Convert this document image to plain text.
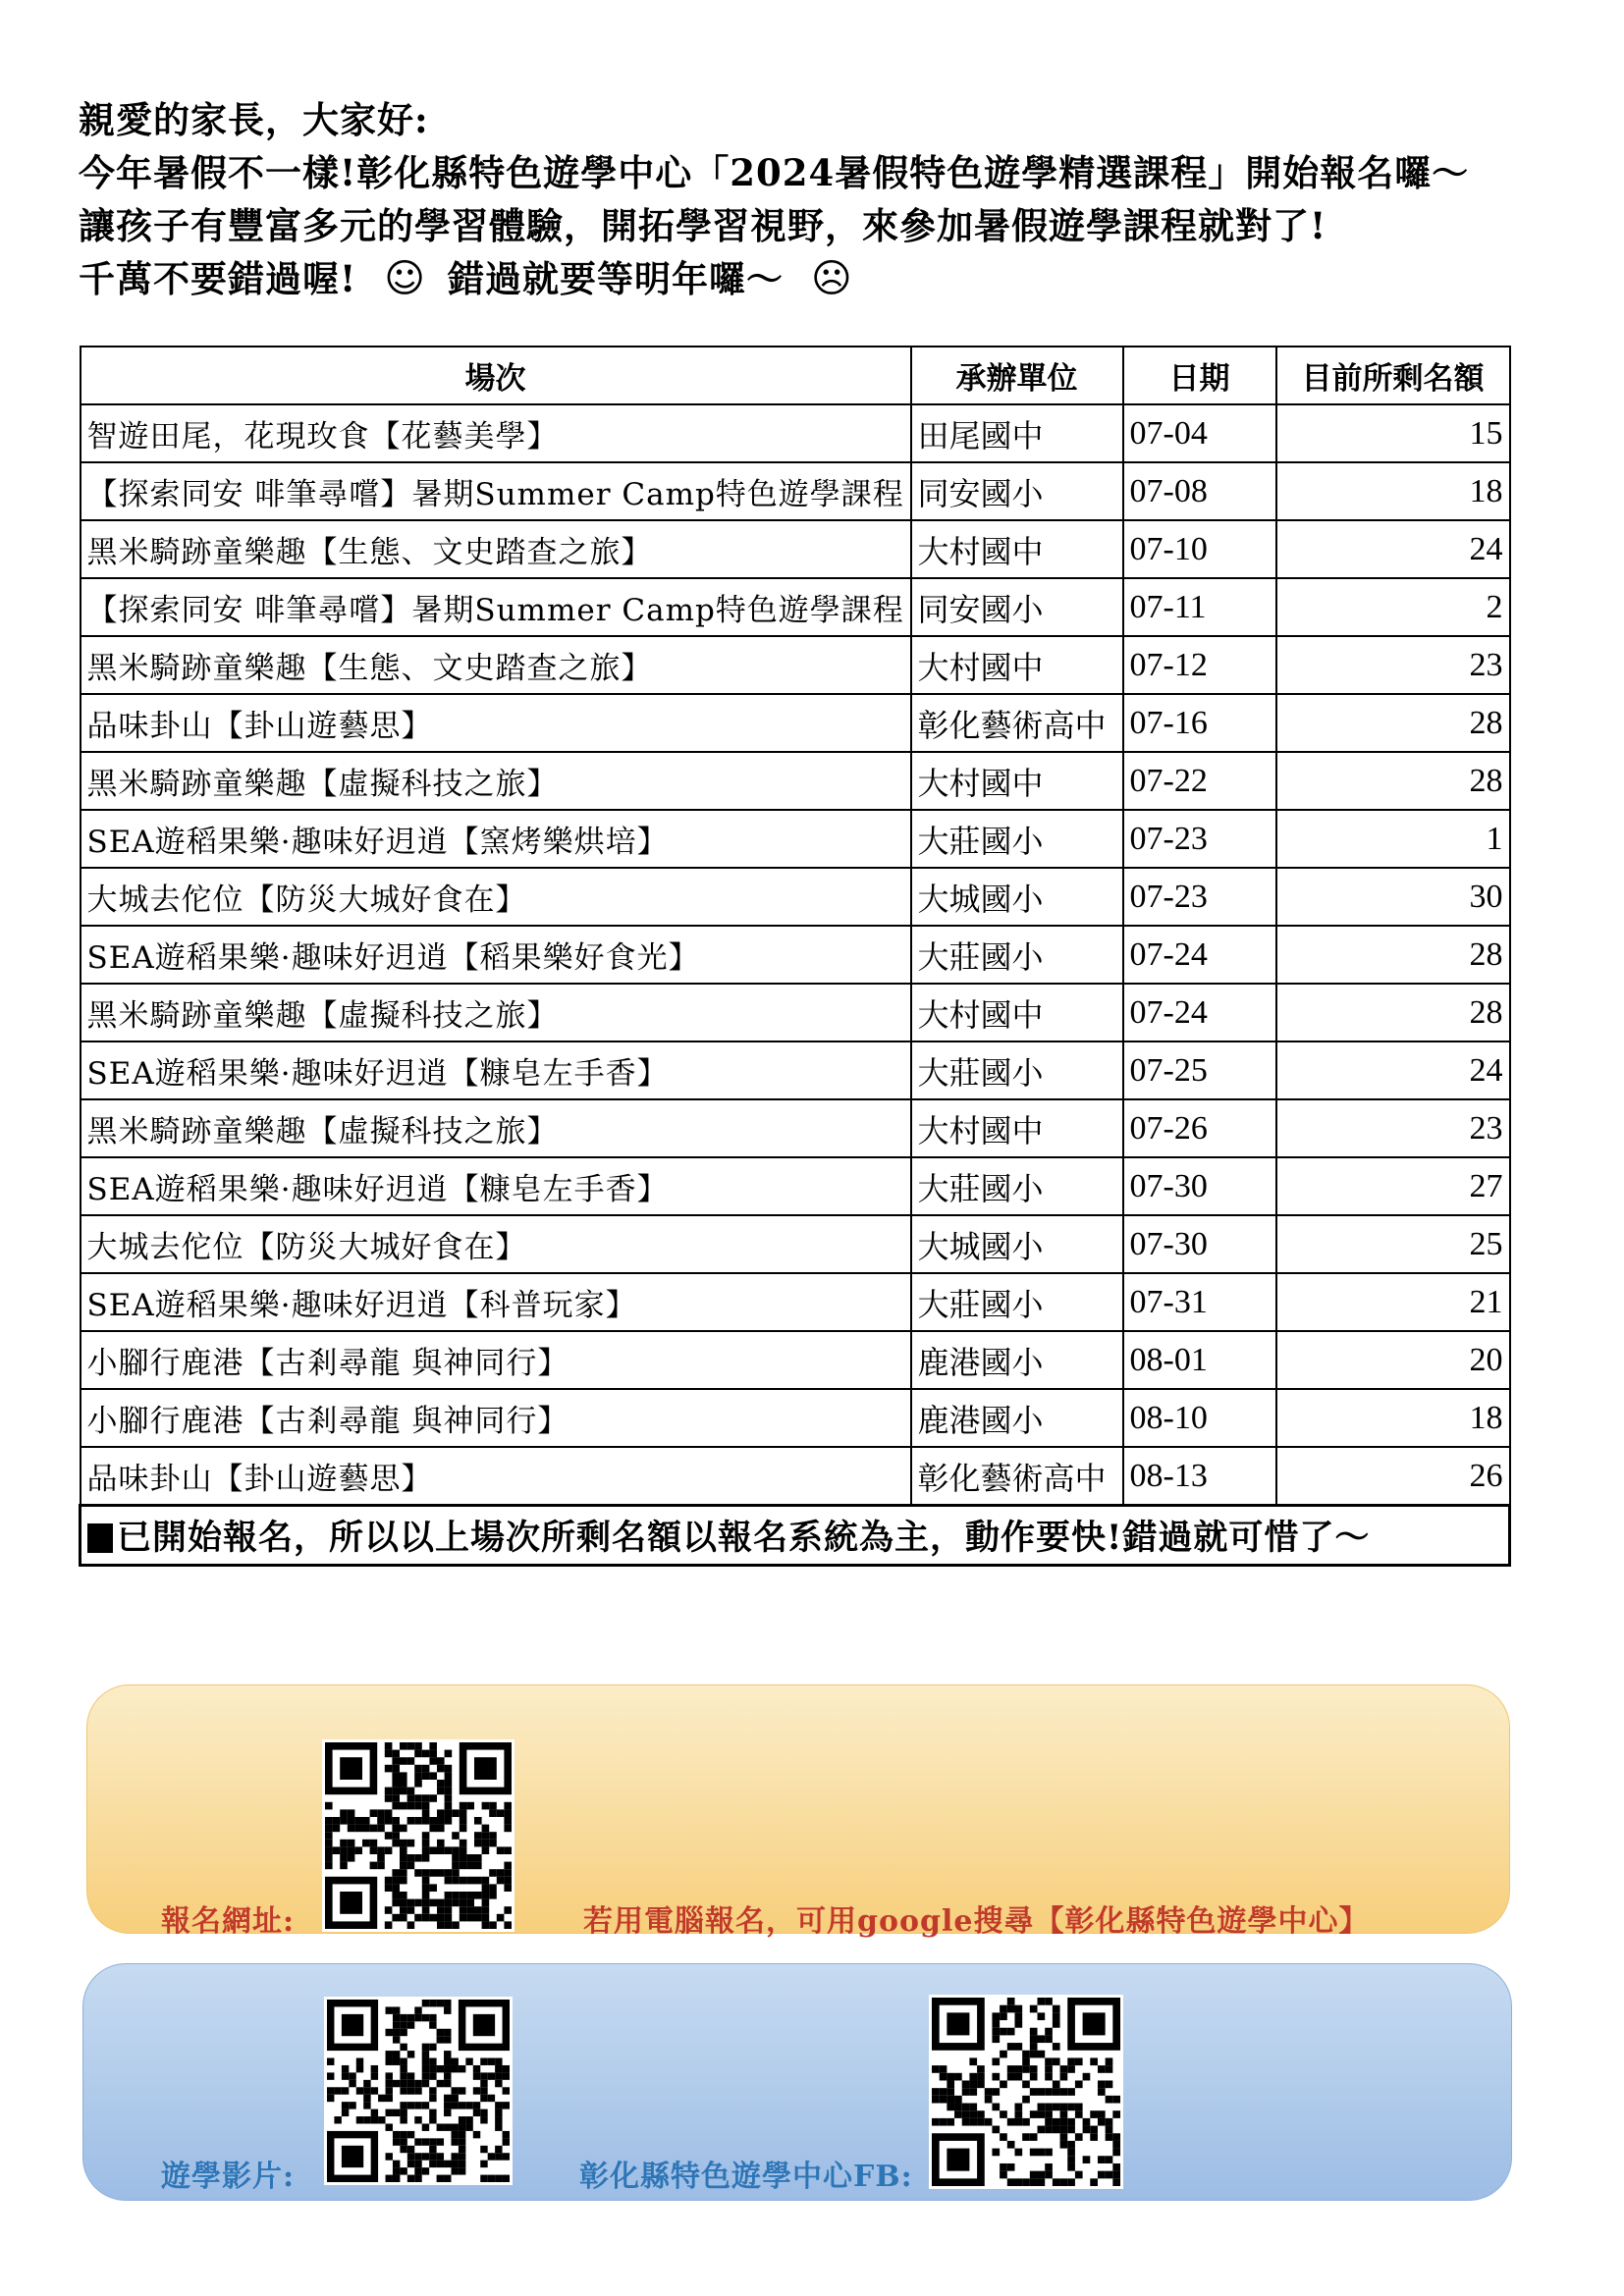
親愛的家長，大家好:
今年暑假不一樣!彰化縣特色遊學中心「2024暑假特色遊學精選課程」開始報名囉～
讓孩子有豐富多元的學習體驗，開拓學習視野，來參加暑假遊學課程就對了!
千萬不要錯過喔! ☺ 錯過就要等明年囉～ ☹
場次	承辦單位	日期	目前所剩名額
智遊田尾，花現玫食【花藝美學】	田尾國中	07-04	15
【探索同安 啡筆尋嚐】暑期Summer Camp特色遊學課程	同安國小	07-08	18
黑米騎跡童樂趣【生態、文史踏查之旅】	大村國中	07-10	24
【探索同安 啡筆尋嚐】暑期Summer Camp特色遊學課程	同安國小	07-11	2
黑米騎跡童樂趣【生態、文史踏查之旅】	大村國中	07-12	23
品味卦山【卦山遊藝思】	彰化藝術高中	07-16	28
黑米騎跡童樂趣【虛擬科技之旅】	大村國中	07-22	28
SEA遊稻果樂·趣味好迌逍【窯烤樂烘培】	大莊國小	07-23	1
大城去佗位【防災大城好食在】	大城國小	07-23	30
SEA遊稻果樂·趣味好迌逍【稻果樂好食光】	大莊國小	07-24	28
黑米騎跡童樂趣【虛擬科技之旅】	大村國中	07-24	28
SEA遊稻果樂·趣味好迌逍【糠皂左手香】	大莊國小	07-25	24
黑米騎跡童樂趣【虛擬科技之旅】	大村國中	07-26	23
SEA遊稻果樂·趣味好迌逍【糠皂左手香】	大莊國小	07-30	27
大城去佗位【防災大城好食在】	大城國小	07-30	25
SEA遊稻果樂·趣味好迌逍【科普玩家】	大莊國小	07-31	21
小腳行鹿港【古剎尋龍 與神同行】	鹿港國小	08-01	20
小腳行鹿港【古剎尋龍 與神同行】	鹿港國小	08-10	18
品味卦山【卦山遊藝思】	彰化藝術高中	08-13	26
已開始報名，所以以上場次所剩名額以報名系統為主，動作要快!錯過就可惜了～			
報名網址:	若用電腦報名，可用google搜尋【彰化縣特色遊學中心】
遊學影片:	彰化縣特色遊學中心FB:
